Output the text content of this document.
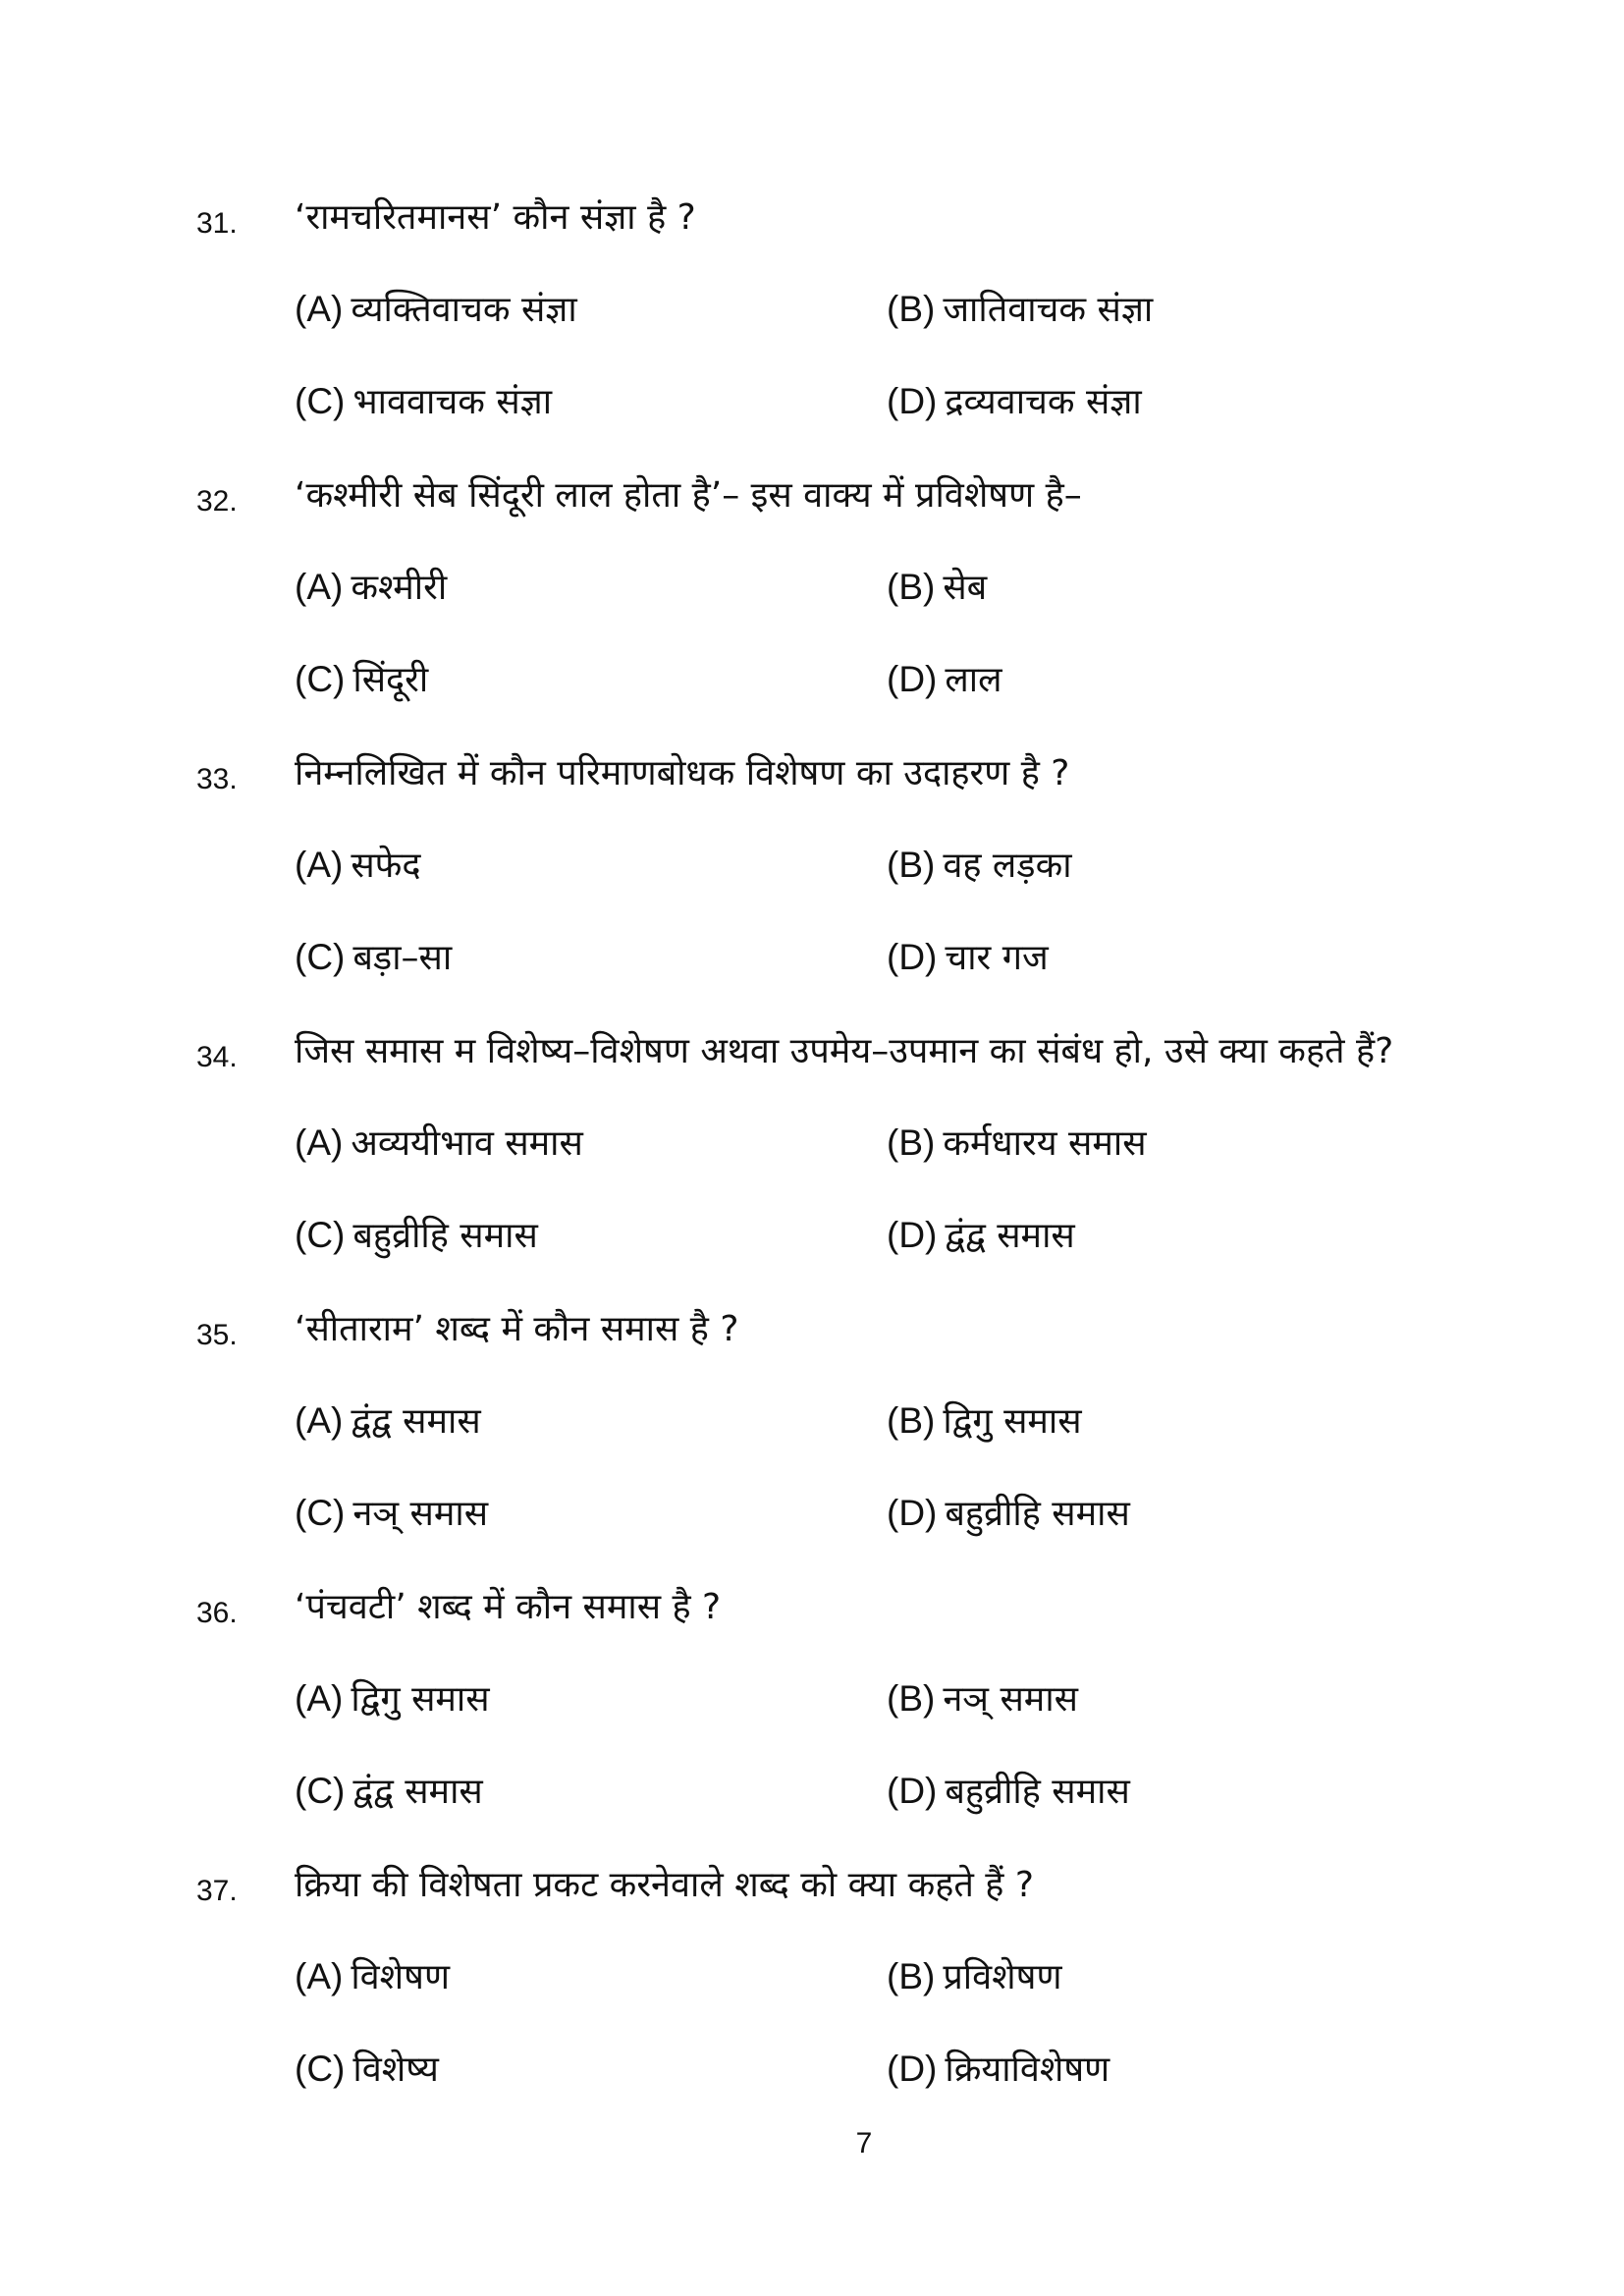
31. ‘रामचरितमानस’ कौन संज्ञा है ?
(A) व्यक्तिवाचक संज्ञा	(B) जातिवाचक संज्ञा
(C) भाववाचक संज्ञा	(D) द्रव्यवाचक संज्ञा
32. ‘कश्मीरी सेब सिंदूरी लाल होता है’– इस वाक्य में प्रविशेषण है–
(A) कश्मीरी	(B) सेब
(C) सिंदूरी	(D) लाल
33. निम्नलिखित में कौन परिमाणबोधक विशेषण का उदाहरण है ?
(A) सफेद	(B) वह लड़का
(C) बड़ा–सा	(D) चार गज
34. जिस समास म विशेष्य–विशेषण अथवा उपमेय–उपमान का संबंध हो, उसे क्या कहते हैं?
(A) अव्ययीभाव समास	(B) कर्मधारय समास
(C) बहुव्रीहि समास	(D) द्वंद्व समास
35. ‘सीताराम’ शब्द में कौन समास है ?
(A) द्वंद्व समास	(B) द्विगु समास
(C) नञ् समास	(D) बहुव्रीहि समास
36. ‘पंचवटी’ शब्द में कौन समास है ?
(A) द्विगु समास	(B) नञ् समास
(C) द्वंद्व समास	(D) बहुव्रीहि समास
37. क्रिया की विशेषता प्रकट करनेवाले शब्द को क्या कहते हैं ?
(A) विशेषण	(B) प्रविशेषण
(C) विशेष्य	(D) क्रियाविशेषण
7
